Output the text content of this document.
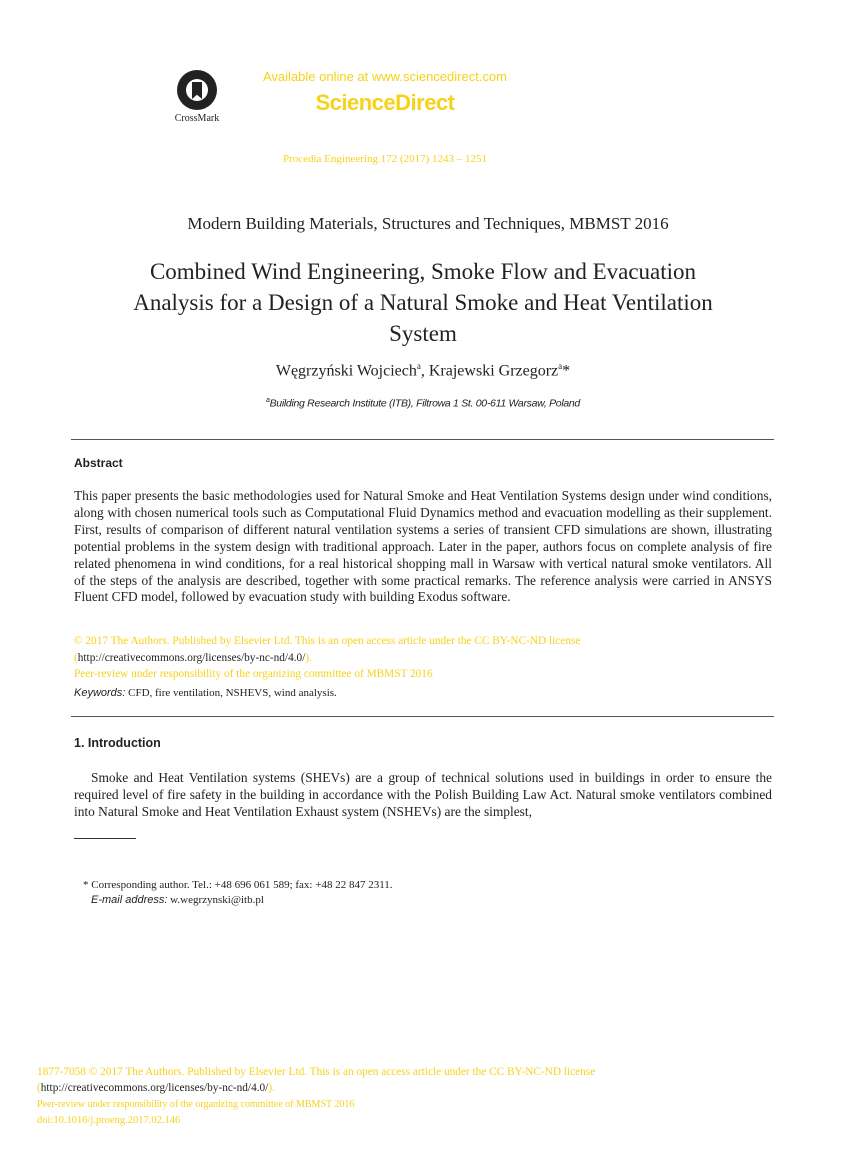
CrossMark
Available online at www.sciencedirect.com
ScienceDirect
Procedia Engineering 172 (2017) 1243 – 1251
Modern Building Materials, Structures and Techniques, MBMST 2016
Combined Wind Engineering, Smoke Flow and Evacuation
Analysis for a Design of a Natural Smoke and Heat Ventilation
System
Węgrzyński Wojciech$^a$, Krajewski Grzegorz$^a$*
$^a$Building Research Institute (ITB), Filtrowa 1 St. 00-611 Warsaw, Poland
Abstract
This paper presents the basic methodologies used for Natural Smoke and Heat Ventilation Systems design under wind conditions, along with chosen numerical tools such as Computational Fluid Dynamics method and evacuation modelling as their supplement. First, results of comparison of different natural ventilation systems a series of transient CFD simulations are shown, illustrating potential problems in the system design with traditional approach. Later in the paper, authors focus on complete analysis of fire related phenomena in wind conditions, for a real historical shopping mall in Warsaw with vertical natural smoke ventilators. All of the steps of the analysis are described, together with some practical remarks. The reference analysis were carried in ANSYS Fluent CFD model, followed by evacuation study with building Exodus software.
© 2017 The Authors. Published by Elsevier Ltd. This is an open access article under the CC BY-NC-ND license
(http://creativecommons.org/licenses/by-nc-nd/4.0/).
Peer-review under responsibility of the organizing committee of MBMST 2016
Keywords: CFD, fire ventilation, NSHEVS, wind analysis.
1. Introduction
Smoke and Heat Ventilation systems (SHEVs) are a group of technical solutions used in buildings in order to ensure the required level of fire safety in the building in accordance with the Polish Building Law Act. Natural smoke ventilators combined into Natural Smoke and Heat Ventilation Exhaust system (NSHEVs) are the simplest,
* Corresponding author. Tel.: +48 696 061 589; fax: +48 22 847 2311.
E-mail address: w.wegrzynski@itb.pl
1877-7058 © 2017 The Authors. Published by Elsevier Ltd. This is an open access article under the CC BY-NC-ND license
(http://creativecommons.org/licenses/by-nc-nd/4.0/).
Peer-review under responsibility of the organizing committee of MBMST 2016
doi:10.1016/j.proeng.2017.02.146
